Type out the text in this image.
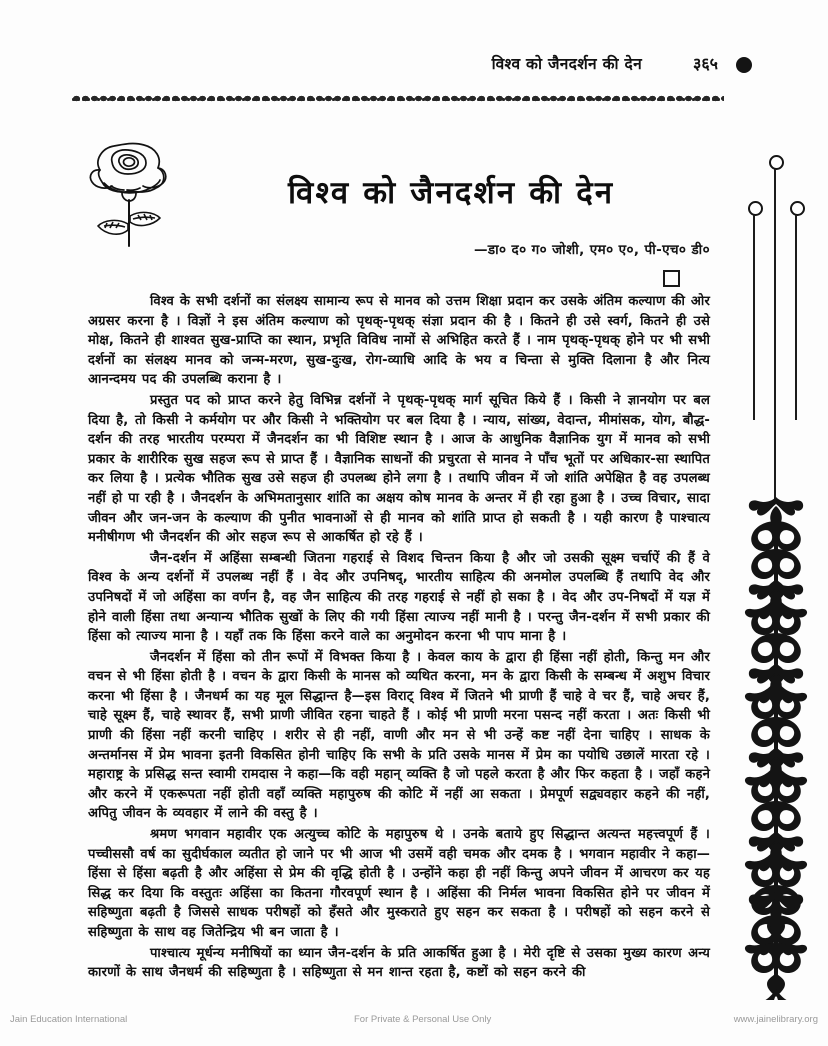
विश्व को जैनदर्शन की देन	३६५
विश्व को जैनदर्शन की देन
—डा० द० ग० जोशी, एम० ए०, पी-एच० डी०

विश्व के सभी दर्शनों का संलक्ष्य सामान्य रूप से मानव को उत्तम शिक्षा प्रदान कर उसके अंतिम कल्याण की ओर अग्रसर करना है । विज्ञों ने इस अंतिम कल्याण को पृथक्-पृथक् संज्ञा प्रदान की है । कितने ही उसे स्वर्ग, कितने ही उसे मोक्ष, कितने ही शाश्वत सुख-प्राप्ति का स्थान, प्रभृति विविध नामों से अभिहित करते हैं । नाम पृथक्-पृथक् होने पर भी सभी दर्शनों का संलक्ष्य मानव को जन्म-मरण, सुख-दुःख, रोग-व्याधि आदि के भय व चिन्ता से मुक्ति दिलाना है और नित्य आनन्दमय पद की उपलब्धि कराना है ।

प्रस्तुत पद को प्राप्त करने हेतु विभिन्न दर्शनों ने पृथक्-पृथक् मार्ग सूचित किये हैं । किसी ने ज्ञानयोग पर बल दिया है, तो किसी ने कर्मयोग पर और किसी ने भक्तियोग पर बल दिया है । न्याय, सांख्य, वेदान्त, मीमांसक, योग, बौद्ध-दर्शन की तरह भारतीय परम्परा में जैनदर्शन का भी विशिष्ट स्थान है । आज के आधुनिक वैज्ञानिक युग में मानव को सभी प्रकार के शारीरिक सुख सहज रूप से प्राप्त हैं । वैज्ञानिक साधनों की प्रचुरता से मानव ने पाँच भूतों पर अधिकार-सा स्थापित कर लिया है । प्रत्येक भौतिक सुख उसे सहज ही उपलब्ध होने लगा है । तथापि जीवन में जो शांति अपेक्षित है वह उपलब्ध नहीं हो पा रही है । जैनदर्शन के अभिमतानुसार शांति का अक्षय कोष मानव के अन्तर में ही रहा हुआ है । उच्च विचार, सादा जीवन और जन-जन के कल्याण की पुनीत भावनाओं से ही मानव को शांति प्राप्त हो सकती है । यही कारण है पाश्चात्य मनीषीगण भी जैनदर्शन की ओर सहज रूप से आकर्षित हो रहे हैं ।

जैन-दर्शन में अहिंसा सम्बन्धी जितना गहराई से विशद चिन्तन किया है और जो उसकी सूक्ष्म चर्चाऐं की हैं वे विश्व के अन्य दर्शनों में उपलब्ध नहीं हैं । वेद और उपनिषद्, भारतीय साहित्य की अनमोल उपलब्धि हैं तथापि वेद और उपनिषदों में जो अहिंसा का वर्णन है, वह जैन साहित्य की तरह गहराई से नहीं हो सका है । वेद और उप-निषदों में यज्ञ में होने वाली हिंसा तथा अन्यान्य भौतिक सुखों के लिए की गयी हिंसा त्याज्य नहीं मानी है । परन्तु जैन-दर्शन में सभी प्रकार की हिंसा को त्याज्य माना है । यहाँ तक कि हिंसा करने वाले का अनुमोदन करना भी पाप माना है ।

जैनदर्शन में हिंसा को तीन रूपों में विभक्त किया है । केवल काय के द्वारा ही हिंसा नहीं होती, किन्तु मन और वचन से भी हिंसा होती है । वचन के द्वारा किसी के मानस को व्यथित करना, मन के द्वारा किसी के सम्बन्ध में अशुभ विचार करना भी हिंसा है । जैनधर्म का यह मूल सिद्धान्त है—इस विराट् विश्व में जितने भी प्राणी हैं चाहे वे चर हैं, चाहे अचर हैं, चाहे सूक्ष्म हैं, चाहे स्थावर हैं, सभी प्राणी जीवित रहना चाहते हैं । कोई भी प्राणी मरना पसन्द नहीं करता । अतः किसी भी प्राणी की हिंसा नहीं करनी चाहिए । शरीर से ही नहीं, वाणी और मन से भी उन्हें कष्ट नहीं देना चाहिए । साधक के अन्तर्मानस में प्रेम भावना इतनी विकसित होनी चाहिए कि सभी के प्रति उसके मानस में प्रेम का पयोधि उछालें मारता रहे । महाराष्ट्र के प्रसिद्ध सन्त स्वामी रामदास ने कहा—कि वही महान् व्यक्ति है जो पहले करता है और फिर कहता है । जहाँ कहने और करने में एकरूपता नहीं होती वहाँ व्यक्ति महापुरुष की कोटि में नहीं आ सकता । प्रेमपूर्ण सद्व्यवहार कहने की नहीं, अपितु जीवन के व्यवहार में लाने की वस्तु है ।

श्रमण भगवान महावीर एक अत्युच्च कोटि के महापुरुष थे । उनके बताये हुए सिद्धान्त अत्यन्त महत्त्वपूर्ण हैं । पच्चीससौ वर्ष का सुदीर्घकाल व्यतीत हो जाने पर भी आज भी उसमें वही चमक और दमक है । भगवान महावीर ने कहा—हिंसा से हिंसा बढ़ती है और अहिंसा से प्रेम की वृद्धि होती है । उन्होंने कहा ही नहीं किन्तु अपने जीवन में आचरण कर यह सिद्ध कर दिया कि वस्तुतः अहिंसा का कितना गौरवपूर्ण स्थान है । अहिंसा की निर्मल भावना विकसित होने पर जीवन में सहिष्णुता बढ़ती है जिससे साधक परीषहों को हँसते और मुस्कराते हुए सहन कर सकता है । परीषहों को सहन करने से सहिष्णुता के साथ वह जितेन्द्रिय भी बन जाता है ।

पाश्चात्य मूर्धन्य मनीषियों का ध्यान जैन-दर्शन के प्रति आकर्षित हुआ है । मेरी दृष्टि से उसका मुख्य कारण अन्य कारणों के साथ जैनधर्म की सहिष्णुता है । सहिष्णुता से मन शान्त रहता है, कष्टों को सहन करने की

Jain Education International	For Private & Personal Use Only	www.jainelibrary.org
